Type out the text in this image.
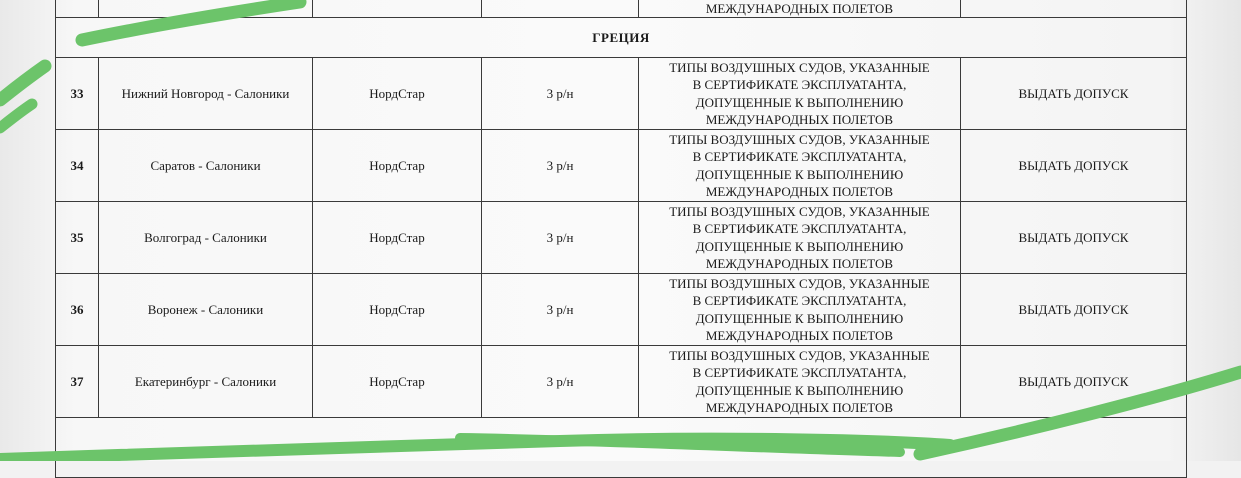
				МЕЖДУНАРОДНЫХ ПОЛЕТОВ	
ГРЕЦИЯ					
33	Нижний Новгород - Салоники	НордСтар	3 р/н	ТИПЫ ВОЗДУШНЫХ СУДОВ, УКАЗАННЫЕ
В СЕРТИФИКАТЕ ЭКСПЛУАТАНТА,
ДОПУЩЕННЫЕ К ВЫПОЛНЕНИЮ
МЕЖДУНАРОДНЫХ ПОЛЕТОВ	ВЫДАТЬ ДОПУСК
34	Саратов - Салоники	НордСтар	3 р/н	ТИПЫ ВОЗДУШНЫХ СУДОВ, УКАЗАННЫЕ
В СЕРТИФИКАТЕ ЭКСПЛУАТАНТА,
ДОПУЩЕННЫЕ К ВЫПОЛНЕНИЮ
МЕЖДУНАРОДНЫХ ПОЛЕТОВ	ВЫДАТЬ ДОПУСК
35	Волгоград - Салоники	НордСтар	3 р/н	ТИПЫ ВОЗДУШНЫХ СУДОВ, УКАЗАННЫЕ
В СЕРТИФИКАТЕ ЭКСПЛУАТАНТА,
ДОПУЩЕННЫЕ К ВЫПОЛНЕНИЮ
МЕЖДУНАРОДНЫХ ПОЛЕТОВ	ВЫДАТЬ ДОПУСК
36	Воронеж - Салоники	НордСтар	3 р/н	ТИПЫ ВОЗДУШНЫХ СУДОВ, УКАЗАННЫЕ
В СЕРТИФИКАТЕ ЭКСПЛУАТАНТА,
ДОПУЩЕННЫЕ К ВЫПОЛНЕНИЮ
МЕЖДУНАРОДНЫХ ПОЛЕТОВ	ВЫДАТЬ ДОПУСК
37	Екатеринбург - Салоники	НордСтар	3 р/н	ТИПЫ ВОЗДУШНЫХ СУДОВ, УКАЗАННЫЕ
В СЕРТИФИКАТЕ ЭКСПЛУАТАНТА,
ДОПУЩЕННЫЕ К ВЫПОЛНЕНИЮ
МЕЖДУНАРОДНЫХ ПОЛЕТОВ	ВЫДАТЬ ДОПУСК
